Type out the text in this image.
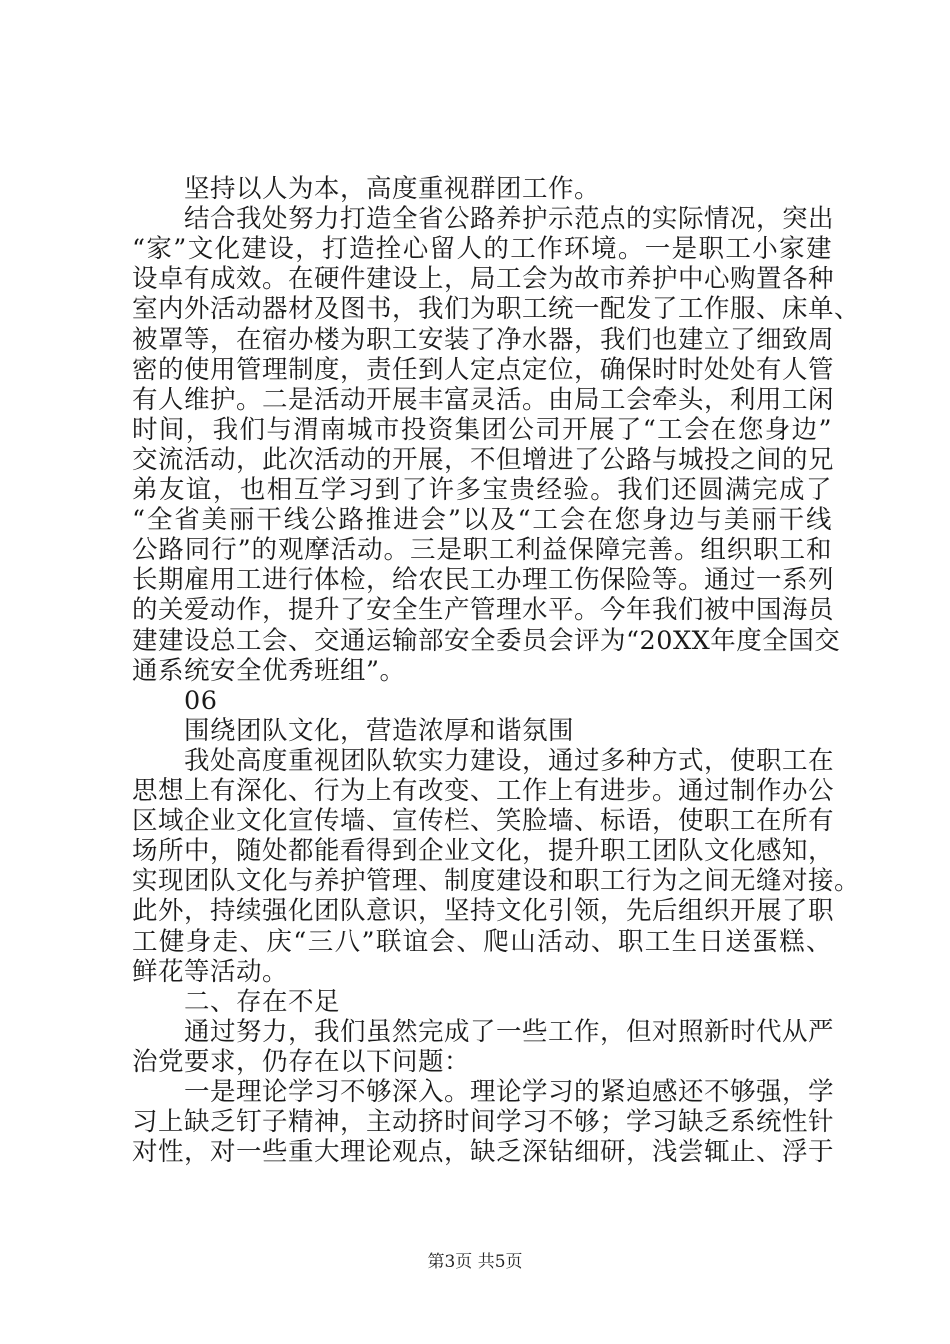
　　坚持以人为本，高度重视群团工作。
　　结合我处努力打造全省公路养护示范点的实际情况，突出
“家”文化建设，打造拴心留人的工作环境。一是职工小家建
设卓有成效。在硬件建设上，局工会为故市养护中心购置各种
室内外活动器材及图书，我们为职工统一配发了工作服、床单、
被罩等，在宿办楼为职工安装了净水器，我们也建立了细致周
密的使用管理制度，责任到人定点定位，确保时时处处有人管
有人维护。二是活动开展丰富灵活。由局工会牵头，利用工闲
时间，我们与渭南城市投资集团公司开展了“工会在您身边”
交流活动，此次活动的开展，不但增进了公路与城投之间的兄
弟友谊，也相互学习到了许多宝贵经验。我们还圆满完成了
“全省美丽干线公路推进会”以及“工会在您身边与美丽干线
公路同行”的观摩活动。三是职工利益保障完善。组织职工和
长期雇用工进行体检，给农民工办理工伤保险等。通过一系列
的关爱动作，提升了安全生产管理水平。今年我们被中国海员
建建设总工会、交通运输部安全委员会评为“20XX年度全国交
通系统安全优秀班组”。
　　06
　　围绕团队文化，营造浓厚和谐氛围
　　我处高度重视团队软实力建设，通过多种方式，使职工在
思想上有深化、行为上有改变、工作上有进步。通过制作办公
区域企业文化宣传墙、宣传栏、笑脸墙、标语，使职工在所有
场所中，随处都能看得到企业文化，提升职工团队文化感知，
实现团队文化与养护管理、制度建设和职工行为之间无缝对接。
此外，持续强化团队意识，坚持文化引领，先后组织开展了职
工健身走、庆“三八”联谊会、爬山活动、职工生日送蛋糕、
鲜花等活动。
　　二、存在不足
　　通过努力，我们虽然完成了一些工作，但对照新时代从严
治党要求，仍存在以下问题：
　　一是理论学习不够深入。理论学习的紧迫感还不够强，学
习上缺乏钉子精神，主动挤时间学习不够；学习缺乏系统性针
对性，对一些重大理论观点，缺乏深钻细研，浅尝辄止、浮于
第3页 共5页
